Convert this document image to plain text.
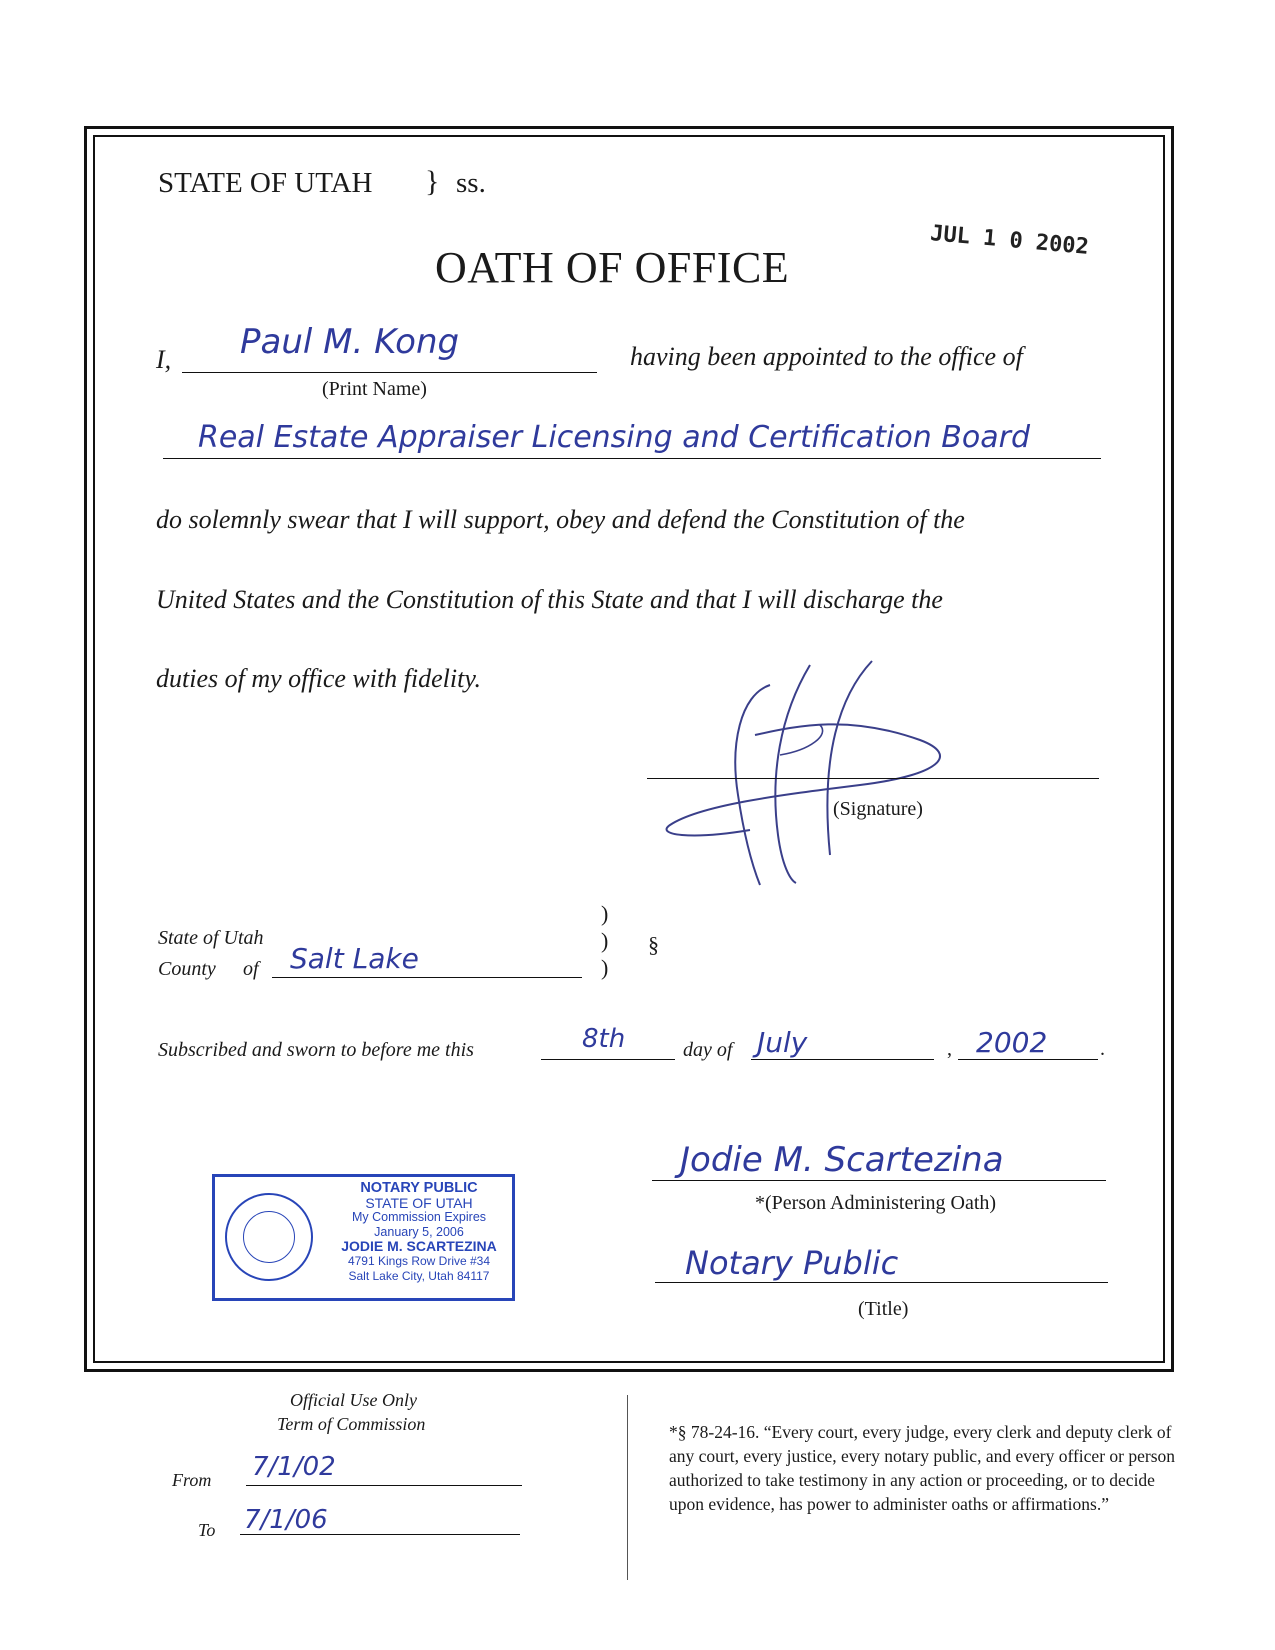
STATE OF UTAH } ss.
OATH OF OFFICE
JUL 1 0 2002
I, Paul M. Kong
(Print Name)
having been appointed to the office of
Real Estate Appraiser Licensing and Certification Board
do solemnly swear that I will support, obey and defend the Constitution of the
United States and the Constitution of this State and that I will discharge the
duties of my office with fidelity.
(Signature)
State of Utah
County of Salt Lake
)
)
)
§
Subscribed and sworn to before me this	8th	day of July	, 2002	.
NOTARY PUBLIC
STATE OF UTAH
My Commission Expires
January 5, 2006
JODIE M. SCARTEZINA
4791 Kings Row Drive #34
Salt Lake City, Utah 84117
Jodie M. Scartezina
*(Person Administering Oath)
Notary Public
(Title)
Official Use Only
Term of Commission
From 7/1/02
To 7/1/06
*§ 78-24-16. “Every court, every judge, every clerk and deputy clerk of any court, every justice, every notary public, and every officer or person authorized to take testimony in any action or proceeding, or to decide upon evidence, has power to administer oaths or affirmations.”
